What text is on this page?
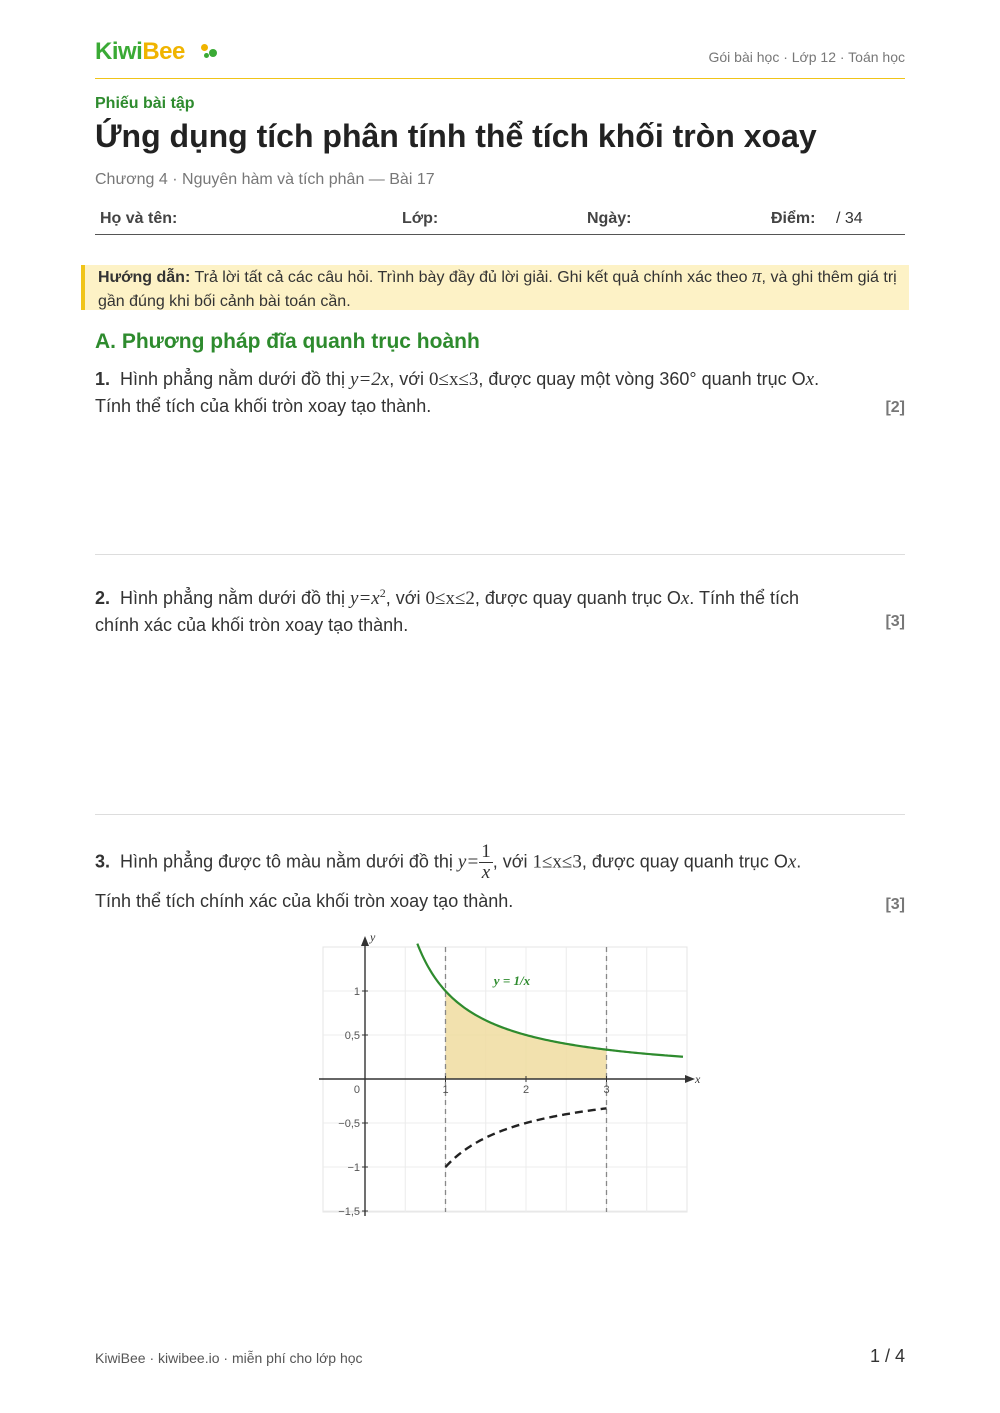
KiwiBee	Gói bài học · Lớp 12 · Toán học
Phiếu bài tập
Ứng dụng tích phân tính thể tích khối tròn xoay
Chương 4 · Nguyên hàm và tích phân — Bài 17
Họ và tên:	Lớp:	Ngày:	Điểm: / 34
Hướng dẫn: Trả lời tất cả các câu hỏi. Trình bày đầy đủ lời giải. Ghi kết quả chính xác theo π, và ghi thêm giá trị gần đúng khi bối cảnh bài toán cần.
A. Phương pháp đĩa quanh trục hoành
1. Hình phẳng nằm dưới đồ thị y=2x, với 0≤x≤3, được quay một vòng 360° quanh trục Ox.
Tính thể tích của khối tròn xoay tạo thành.	[2]
2. Hình phẳng nằm dưới đồ thị $y=x^2$, với 0≤x≤2, được quay quanh trục Ox. Tính thể tích
chính xác của khối tròn xoay tạo thành.	[3]
3. Hình phẳng được tô màu nằm dưới đồ thị $y= \frac{1}{x}$ , với 1≤x≤3, được quay quanh trục Ox.
Tính thể tích chính xác của khối tròn xoay tạo thành.	[3]
KiwiBee · kiwibee.io · miễn phí cho lớp học	1 / 4
x
y
1	2	3
1
0,5
0
−0,5
−1
−1,5
y = 1/x
